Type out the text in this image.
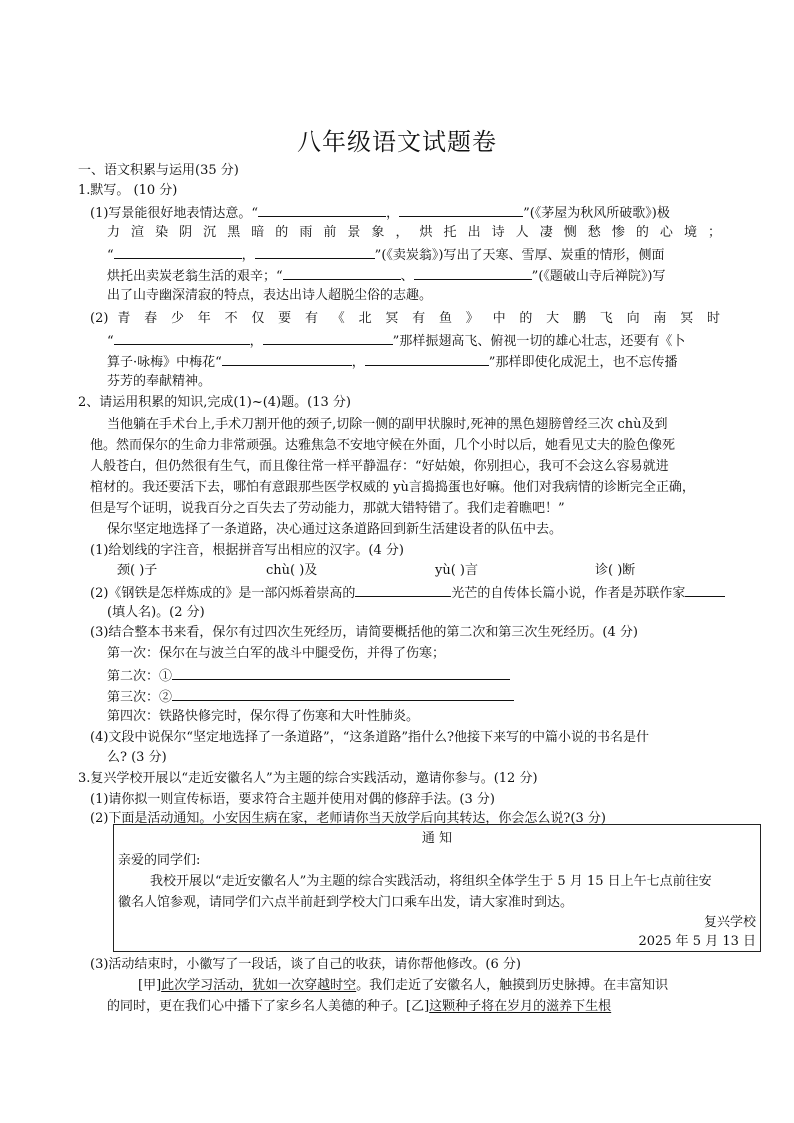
八年级语文试题卷
一、语文积累与运用(35 分)
1.默写。 (10 分)
(1)写景能很好地表情达意。“	，	”(《茅屋为秋风所破歌》)极
力渲染阴沉黑暗的雨前景象，烘托出诗人凄恻愁惨的心境；
“	，	”(《卖炭翁》)写出了天寒、雪厚、炭重的情形，侧面
烘托出卖炭老翁生活的艰辛；“	、	”(《题破山寺后禅院》)写
出了山寺幽深清寂的特点，表达出诗人超脱尘俗的志趣。
(2) 青 春 少 年 不 仅 要 有 《 北 冥 有 鱼 》 中 的 大 鹏 飞 向 南 冥 时
“	，	”那样振翅高飞、俯视一切的雄心壮志，还要有《卜
算子·咏梅》中梅花“	，	”那样即使化成泥土，也不忘传播
芬芳的奉献精神。
2、请运用积累的知识,完成(1)~(4)题。(13 分)
当他躺在手术台上,手术刀割开他的颈子,切除一侧的副甲状腺时,死神的黑色翅膀曾经三次 chù及到
他。然而保尔的生命力非常顽强。达雅焦急不安地守候在外面，几个小时以后，她看见丈夫的脸色像死
人般苍白，但仍然很有生气，而且像往常一样平静温存：“好姑娘，你别担心，我可不会这么容易就进
棺材的。我还要活下去，哪怕有意跟那些医学权威的 yù言捣捣蛋也好嘛。他们对我病情的诊断完全正确，
但是写个证明，说我百分之百失去了劳动能力，那就大错特错了。我们走着瞧吧！”
保尔坚定地选择了一条道路，决心通过这条道路回到新生活建设者的队伍中去。
(1)给划线的字注音，根据拼音写出相应的汉字。(4 分)
颈( )子	chù( )及	yù( )言	诊( )断
(2)《钢铁是怎样炼成的》是一部闪烁着崇高的	光芒的自传体长篇小说，作者是苏联作家
(填人名)。(2 分)
(3)结合整本书来看，保尔有过四次生死经历，请简要概括他的第二次和第三次生死经历。(4 分)
第一次：保尔在与波兰白军的战斗中腿受伤，并得了伤寒；
第二次：①
第三次：②
第四次：铁路快修完时，保尔得了伤寒和大叶性肺炎。
(4)文段中说保尔“坚定地选择了一条道路”，“这条道路”指什么?他接下来写的中篇小说的书名是什
么? (3 分)
3.复兴学校开展以“走近安徽名人”为主题的综合实践活动，邀请你参与。(12 分)
(1)请你拟一则宣传标语，要求符合主题并使用对偶的修辞手法。(3 分)
(2)下面是活动通知。小安因生病在家，老师请你当天放学后向其转达，你会怎么说?(3 分)
通 知
亲爱的同学们:
我校开展以“走近安徽名人”为主题的综合实践活动，将组织全体学生于 5 月 15 日上午七点前往安
徽名人馆参观，请同学们六点半前赶到学校大门口乘车出发，请大家准时到达。
复兴学校
2025 年 5 月 13 日
(3)活动结束时，小徽写了一段话，谈了自己的收获，请你帮他修改。(6 分)
[甲]此次学习活动，犹如一次穿越时空。我们走近了安徽名人，触摸到历史脉搏。在丰富知识
的同时，更在我们心中播下了家乡名人美德的种子。[乙]这颗种子将在岁月的滋养下生根
